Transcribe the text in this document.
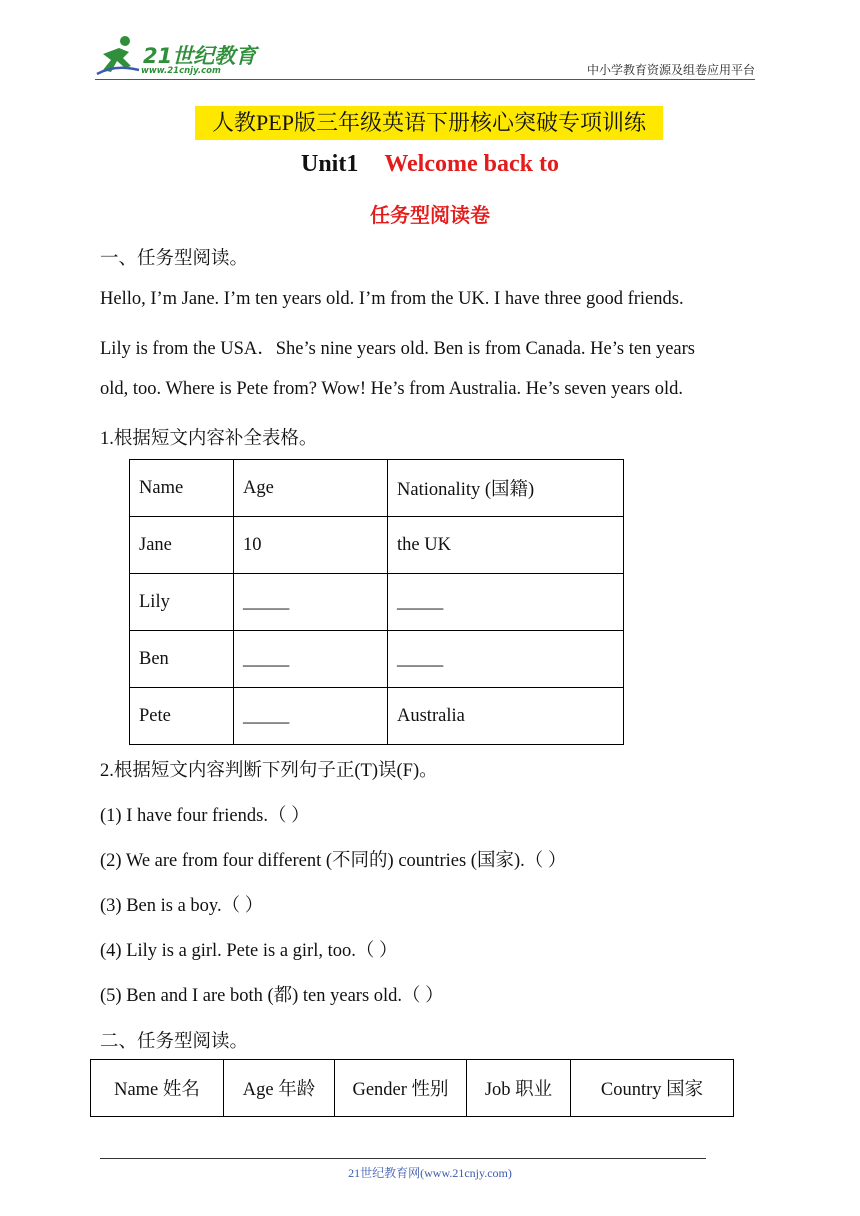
21世纪教育
www.21cnjy.com	中小学教育资源及组卷应用平台
人教PEP版三年级英语下册核心突破专项训练
Unit1 Welcome back to
任务型阅读卷
一、任务型阅读。
Hello, I’m Jane. I’m ten years old. I’m from the UK. I have three good friends.
Lily is from the USA．She’s nine years old. Ben is from Canada. He’s ten years
old, too. Where is Pete from? Wow! He’s from Australia. He’s seven years old.
1.根据短文内容补全表格。
Name	Age	Nationality (国籍)
Jane	10	the UK
Lily	_____	_____
Ben	_____	_____
Pete	_____	Australia
2.根据短文内容判断下列句子正(T)误(F)。
(1) I have four friends.（ ）
(2) We are from four different (不同的) countries (国家).（ ）
(3) Ben is a boy.（ ）
(4) Lily is a girl. Pete is a girl, too.（ ）
(5) Ben and I are both (都) ten years old.（ ）
二、任务型阅读。
Name 姓名	Age 年龄	Gender 性别	Job 职业	Country 国家
21世纪教育网(www.21cnjy.com)
